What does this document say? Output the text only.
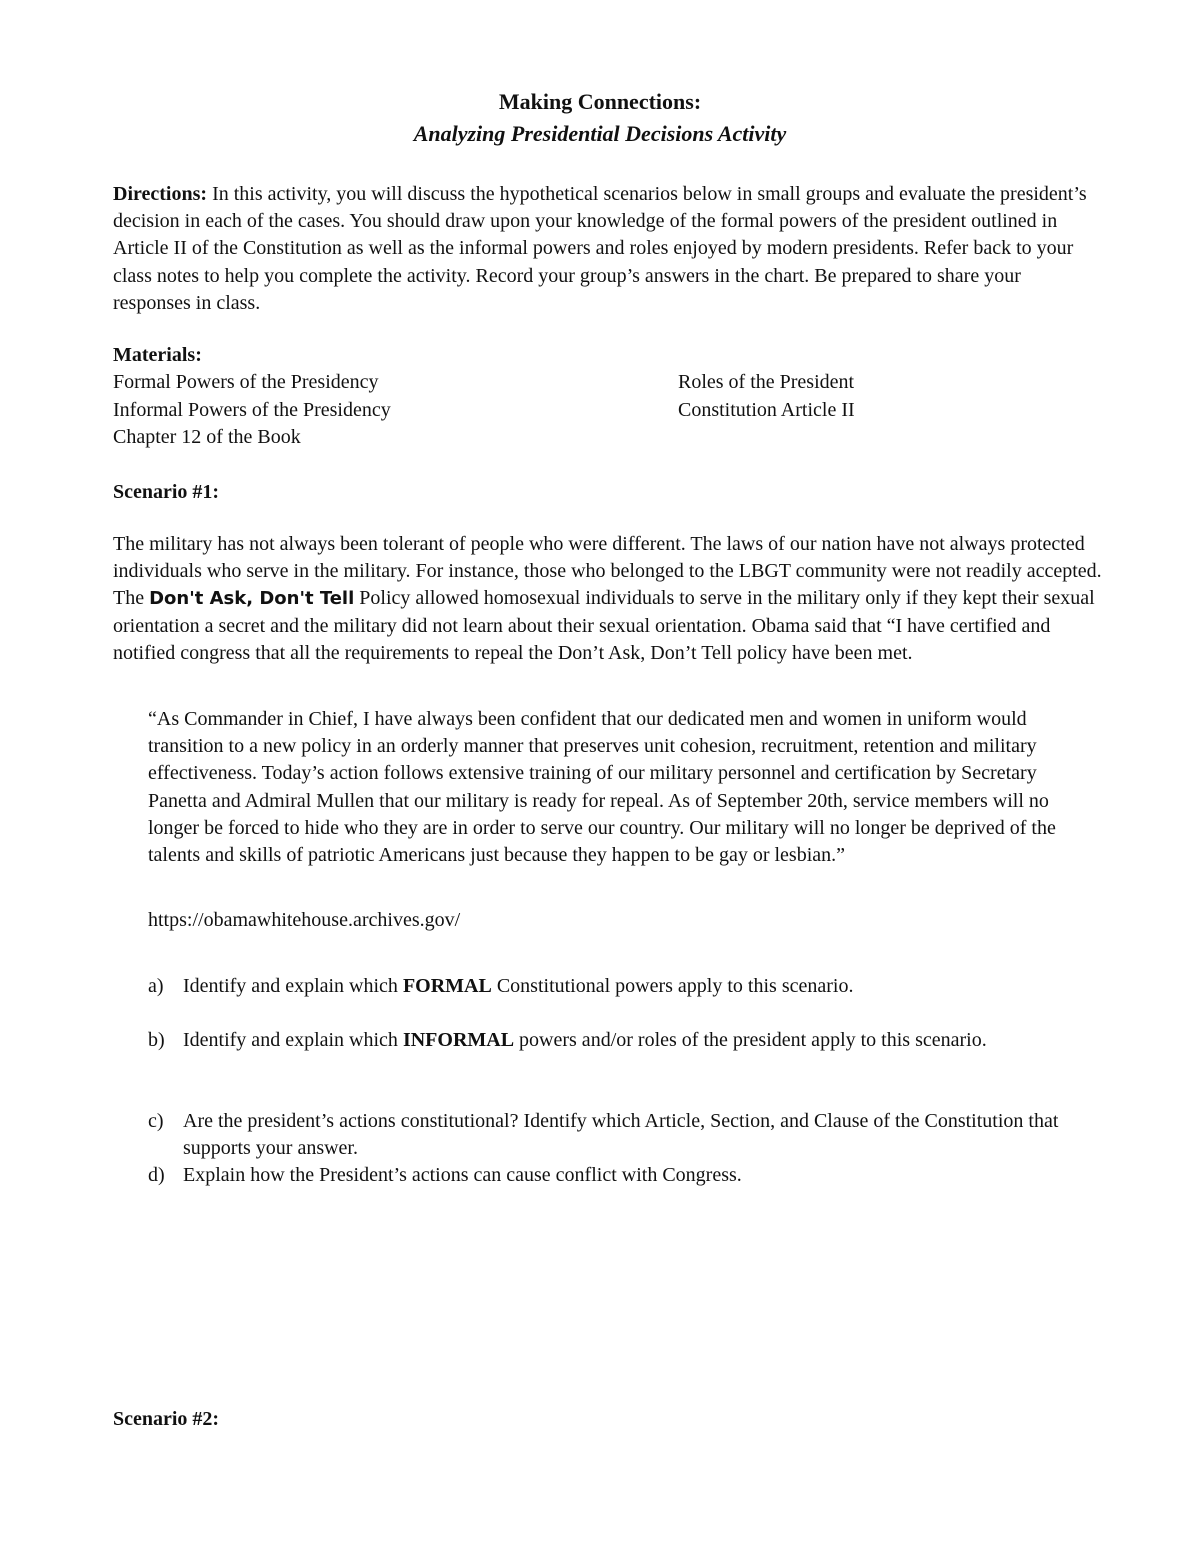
Making Connections:
Analyzing Presidential Decisions Activity
Directions: In this activity, you will discuss the hypothetical scenarios below in small groups and evaluate the president’s decision in each of the cases. You should draw upon your knowledge of the formal powers of the president outlined in Article II of the Constitution as well as the informal powers and roles enjoyed by modern presidents. Refer back to your class notes to help you complete the activity. Record your group’s answers in the chart. Be prepared to share your responses in class.
Materials:
Formal Powers of the Presidency
Informal Powers of the Presidency
Chapter 12 of the Book
Roles of the President
Constitution Article II
Scenario #1:
The military has not always been tolerant of people who were different. The laws of our nation have not always protected individuals who serve in the military. For instance, those who belonged to the LBGT community were not readily accepted. The Don't Ask, Don't Tell Policy allowed homosexual individuals to serve in the military only if they kept their sexual orientation a secret and the military did not learn about their sexual orientation. Obama said that “I have certified and notified congress that all the requirements to repeal the Don’t Ask, Don’t Tell policy have been met.
“As Commander in Chief, I have always been confident that our dedicated men and women in uniform would transition to a new policy in an orderly manner that preserves unit cohesion, recruitment, retention and military effectiveness. Today’s action follows extensive training of our military personnel and certification by Secretary Panetta and Admiral Mullen that our military is ready for repeal. As of September 20th, service members will no longer be forced to hide who they are in order to serve our country. Our military will no longer be deprived of the talents and skills of patriotic Americans just because they happen to be gay or lesbian.”
https://obamawhitehouse.archives.gov/
a) Identify and explain which FORMAL Constitutional powers apply to this scenario.
b) Identify and explain which INFORMAL powers and/or roles of the president apply to this scenario.
c) Are the president’s actions constitutional? Identify which Article, Section, and Clause of the Constitution that supports your answer.
d) Explain how the President’s actions can cause conflict with Congress.
Scenario #2:
